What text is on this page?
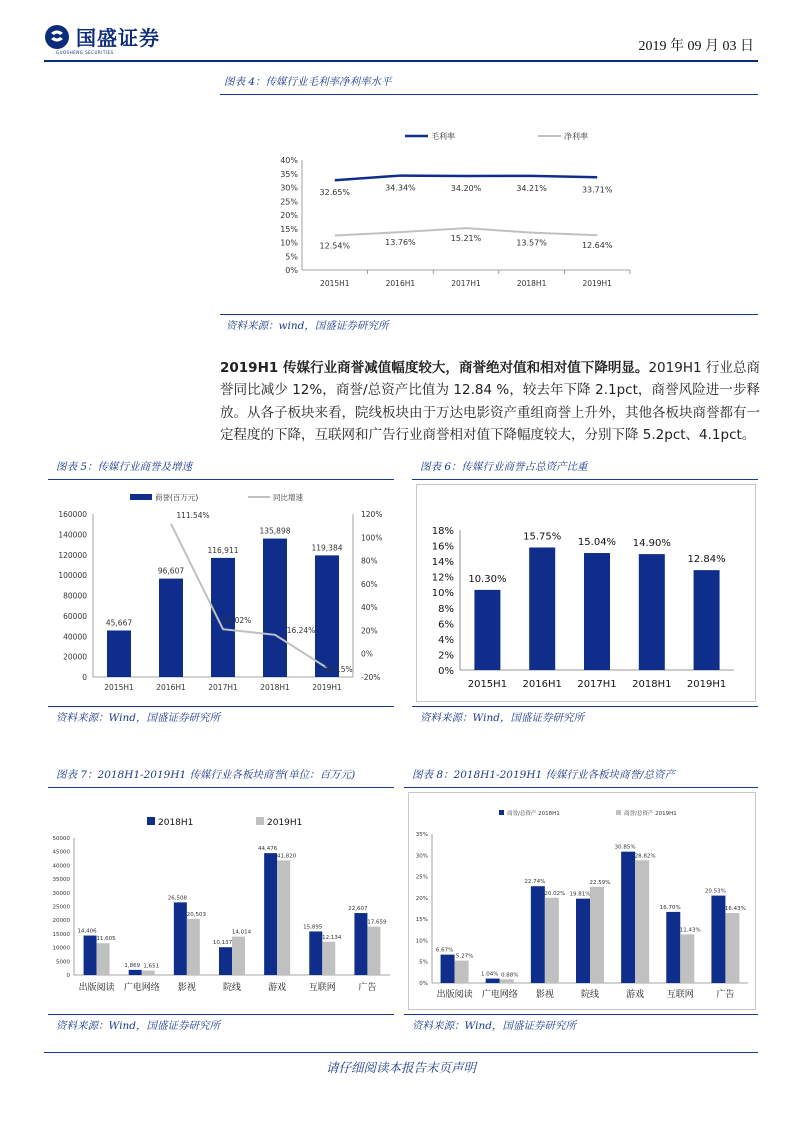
国盛证券
GUOSHENG SECURITIES	2019 年 09 月 03 日
图表 4：传媒行业毛利率净利率水平
毛利率	净利率
0%
5%
10%
15%
20%
25%
30%
35%
40%
2015H1	2016H1	2017H1	2018H1	2019H1
32.65%
34.34%	34.20%	34.21%	33.71%
12.54%	13.76%	15.21%
13.57%	12.64%
资料来源：wind，国盛证券研究所
2019H1 传媒行业商誉减值幅度较大，商誉绝对值和相对值下降明显。2019H1 行业总商誉同比减少 12%，商誉/总资产比值为 12.84 %，较去年下降 2.1pct，商誉风险进一步释放。从各子板块来看，院线板块由于万达电影资产重组商誉上升外，其他各板块商誉都有一定程度的下降，互联网和广告行业商誉相对值下降幅度较大，分别下降 5.2pct、4.1pct。
图表 5：传媒行业商誉及增速
商誉(百万元)	同比增速
0
20000
40000
60000
80000
100000
120000
140000
160000
-20%
0%
20%
40%
60%
80%
100%
120%
45,667
2015H1
96,607
2016H1
116,911
2017H1
135,898
2018H1
119,384
2019H1
111.54%
21.02%
16.24%
-12.15%
资料来源：Wind，国盛证券研究所
图表 6：传媒行业商誉占总资产比重
0%
2%
4%
6%
8%
10%
12%
14%
16%
18%
10.30%
2015H1
15.75%
2016H1
15.04%
2017H1
14.90%
2018H1
12.84%
2019H1
资料来源：Wind，国盛证券研究所
图表 7：2018H1-2019H1 传媒行业各板块商誉(单位：百万元)
2018H1	2019H1
0
5000
10000
15000
20000
25000
30000
35000
40000
45000
50000
出版阅读
14,406
11,605
广电网络
1,869 1,651
影视
26,508
20,503
院线
10,137
14,014
游戏
44,476
41,820
互联网
15,895
12,134
广告
22,607
17,659
资料来源：Wind，国盛证券研究所
图表 8：2018H1-2019H1 传媒行业各板块商誉/总资产
商誉/总资产 2018H1	商誉/总资产 2019H1
0%
5%
10%
15%
20%
25%
30%
35%
出版阅读
6.67%
5.27%
广电网络
1.04% 0.88%
影视
22.74%
20.02%
院线
19.81%
22.59%
游戏
30.85%
28.82%
互联网
16.70%
11.43%
广告
20.53%
16.43%
资料来源：Wind，国盛证券研究所
请仔细阅读本报告末页声明
